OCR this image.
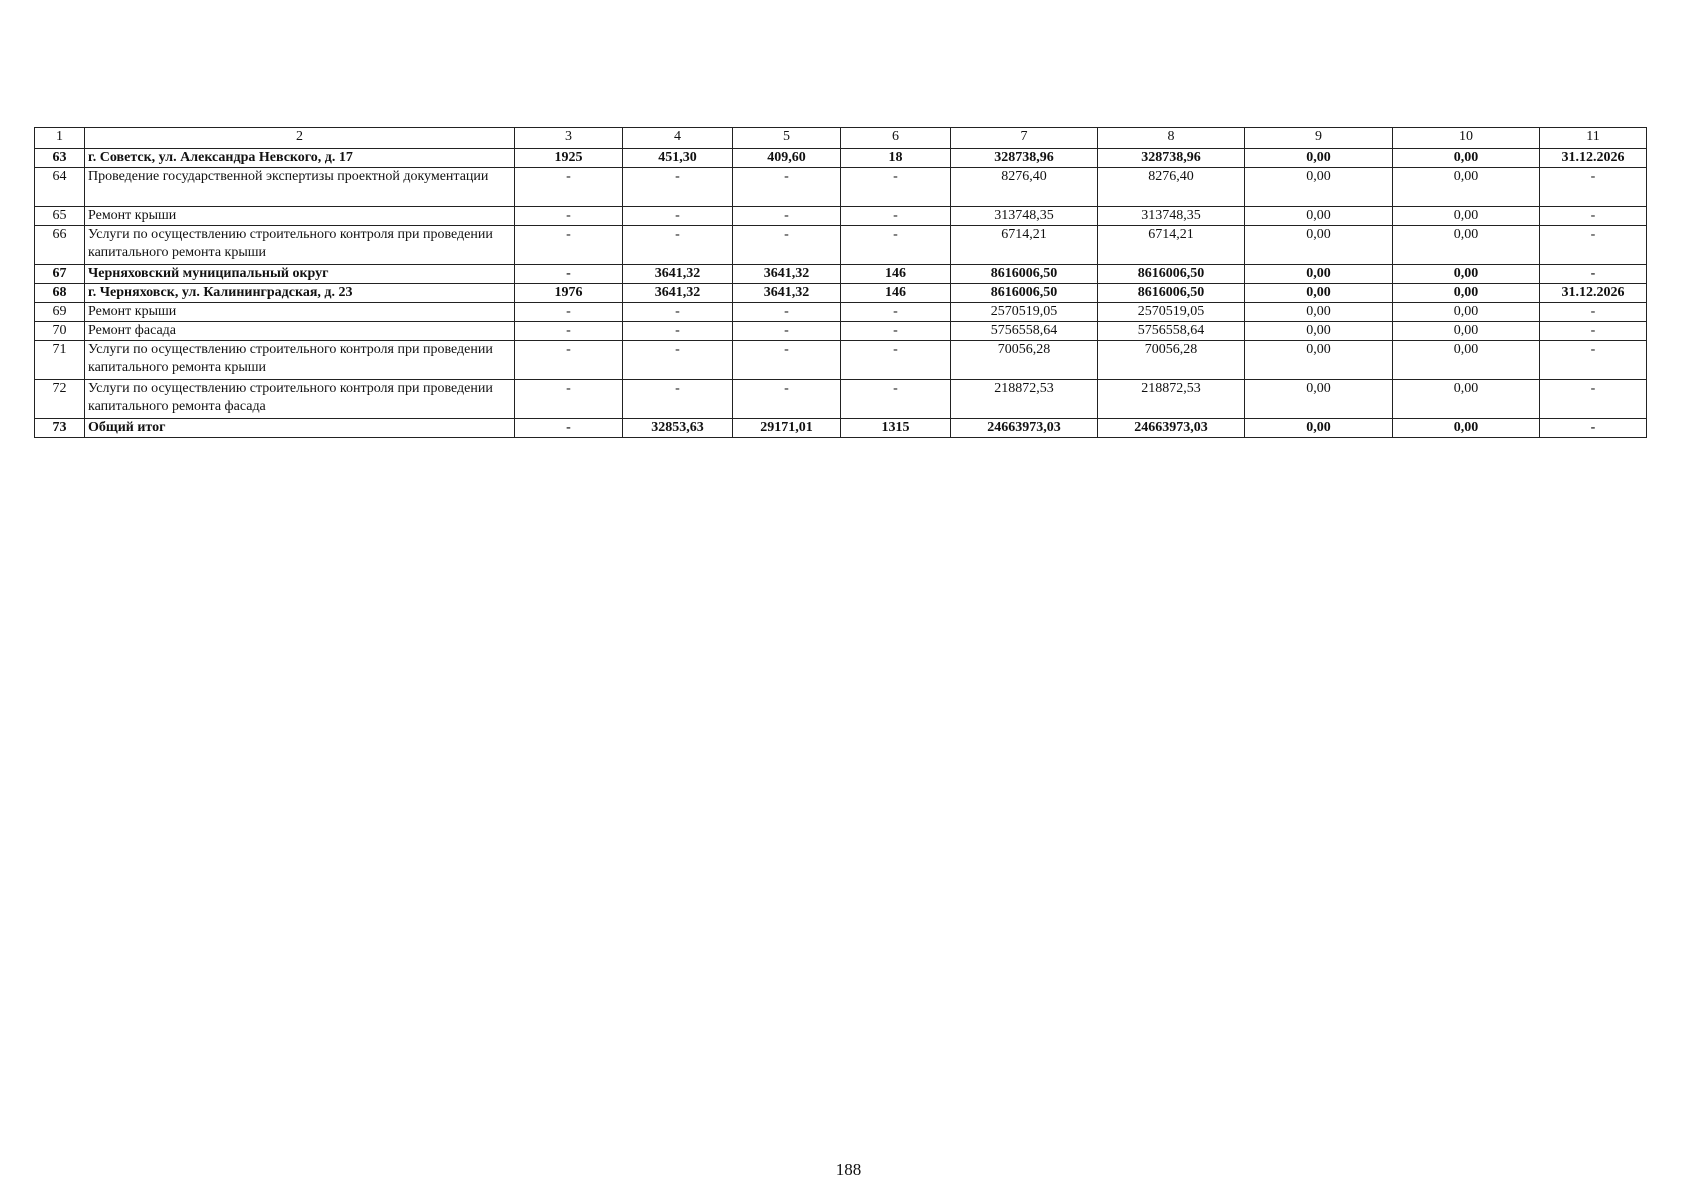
1	2	3	4	5	6	7	8	9	10	11
63	г. Советск, ул. Александра Невского, д. 17	1925	451,30	409,60	18	328738,96	328738,96	0,00	0,00	31.12.2026
64	Проведение государственной экспертизы проектной документации	-	-	-	-	8276,40	8276,40	0,00	0,00	-
65	Ремонт крыши	-	-	-	-	313748,35	313748,35	0,00	0,00	-
66	Услуги по осуществлению строительного контроля при проведении капитального ремонта крыши	-	-	-	-	6714,21	6714,21	0,00	0,00	-
67	Черняховский муниципальный округ	-	3641,32	3641,32	146	8616006,50	8616006,50	0,00	0,00	-
68	г. Черняховск, ул. Калининградская, д. 23	1976	3641,32	3641,32	146	8616006,50	8616006,50	0,00	0,00	31.12.2026
69	Ремонт крыши	-	-	-	-	2570519,05	2570519,05	0,00	0,00	-
70	Ремонт фасада	-	-	-	-	5756558,64	5756558,64	0,00	0,00	-
71	Услуги по осуществлению строительного контроля при проведении капитального ремонта крыши	-	-	-	-	70056,28	70056,28	0,00	0,00	-
72	Услуги по осуществлению строительного контроля при проведении капитального ремонта фасада	-	-	-	-	218872,53	218872,53	0,00	0,00	-
73	Общий итог	-	32853,63	29171,01	1315	24663973,03	24663973,03	0,00	0,00	-
188
